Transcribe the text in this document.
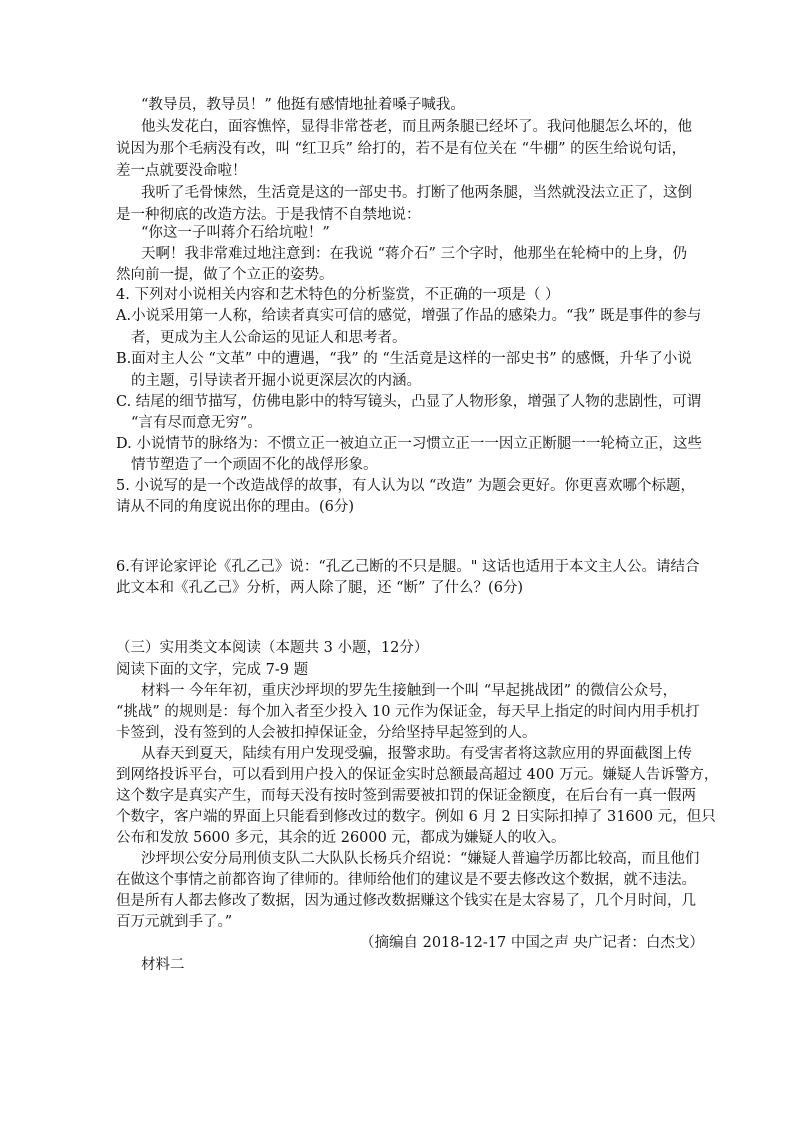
“教导员，教导员！” 他挺有感情地扯着嗓子喊我。
他头发花白，面容憔悴，显得非常苍老，而且两条腿已经坏了。我问他腿怎么坏的，他
说因为那个毛病没有改，叫 “红卫兵” 给打的，若不是有位关在 “牛棚” 的医生给说句话，
差一点就要没命啦！
我听了毛骨悚然，生活竟是这的一部史书。打断了他两条腿，当然就没法立正了，这倒
是一种彻底的改造方法。于是我情不自禁地说：
“你这一子叫蒋介石给坑啦！”
天啊！我非常难过地注意到：在我说 “蒋介石” 三个字时，他那坐在轮椅中的上身，仍
然向前一提，做了个立正的姿势。
4. 下列对小说相关内容和艺术特色的分析鉴赏，不正确的一项是（ ）
A.小说采用第一人称，给读者真实可信的感觉，增强了作品的感染力。“我” 既是事件的参与
者，更成为主人公命运的见证人和思考者。
B.面对主人公 “文革” 中的遭遇，“我” 的 “生活竟是这样的一部史书” 的感慨，升华了小说
的主题，引导读者开掘小说更深层次的内涵。
C. 结尾的细节描写，仿佛电影中的特写镜头，凸显了人物形象，增强了人物的悲剧性，可谓
“言有尽而意无穷”。
D. 小说情节的脉络为：不惯立正一被迫立正一习惯立正一一因立正断腿一一轮椅立正，这些
情节塑造了一个顽固不化的战俘形象。
5. 小说写的是一个改造战俘的故事，有人认为以 “改造” 为题会更好。你更喜欢哪个标题，
请从不同的角度说出你的理由。(6分)
6.有评论家评论《孔乙己》说：“孔乙己断的不只是腿。" 这话也适用于本文主人公。请结合
此文本和《孔乙己》分析，两人除了腿，还 “断” 了什么？(6分)
（三）实用类文本阅读（本题共 3 小题，12分）
阅读下面的文字，完成 7-9 题
材料一 今年年初，重庆沙坪坝的罗先生接触到一个叫 “早起挑战团” 的微信公众号，
“挑战” 的规则是：每个加入者至少投入 10 元作为保证金，每天早上指定的时间内用手机打
卡签到，没有签到的人会被扣掉保证金，分给坚持早起签到的人。
从春天到夏天，陆续有用户发现受骗，报警求助。有受害者将这款应用的界面截图上传
到网络投诉平台，可以看到用户投入的保证金实时总额最高超过 400 万元。嫌疑人告诉警方，
这个数字是真实产生，而每天没有按时签到需要被扣罚的保证金额度，在后台有一真一假两
个数字，客户端的界面上只能看到修改过的数字。例如 6 月 2 日实际扣掉了 31600 元，但只
公布和发放 5600 多元，其余的近 26000 元，都成为嫌疑人的收入。
沙坪坝公安分局刑侦支队二大队队长杨兵介绍说：“嫌疑人普遍学历都比较高，而且他们
在做这个事情之前都咨询了律师的。律师给他们的建议是不要去修改这个数据，就不违法。
但是所有人都去修改了数据，因为通过修改数据赚这个钱实在是太容易了，几个月时间，几
百万元就到手了。”
（摘编自 2018-12-17 中国之声 央广记者：白杰戈）
材料二
